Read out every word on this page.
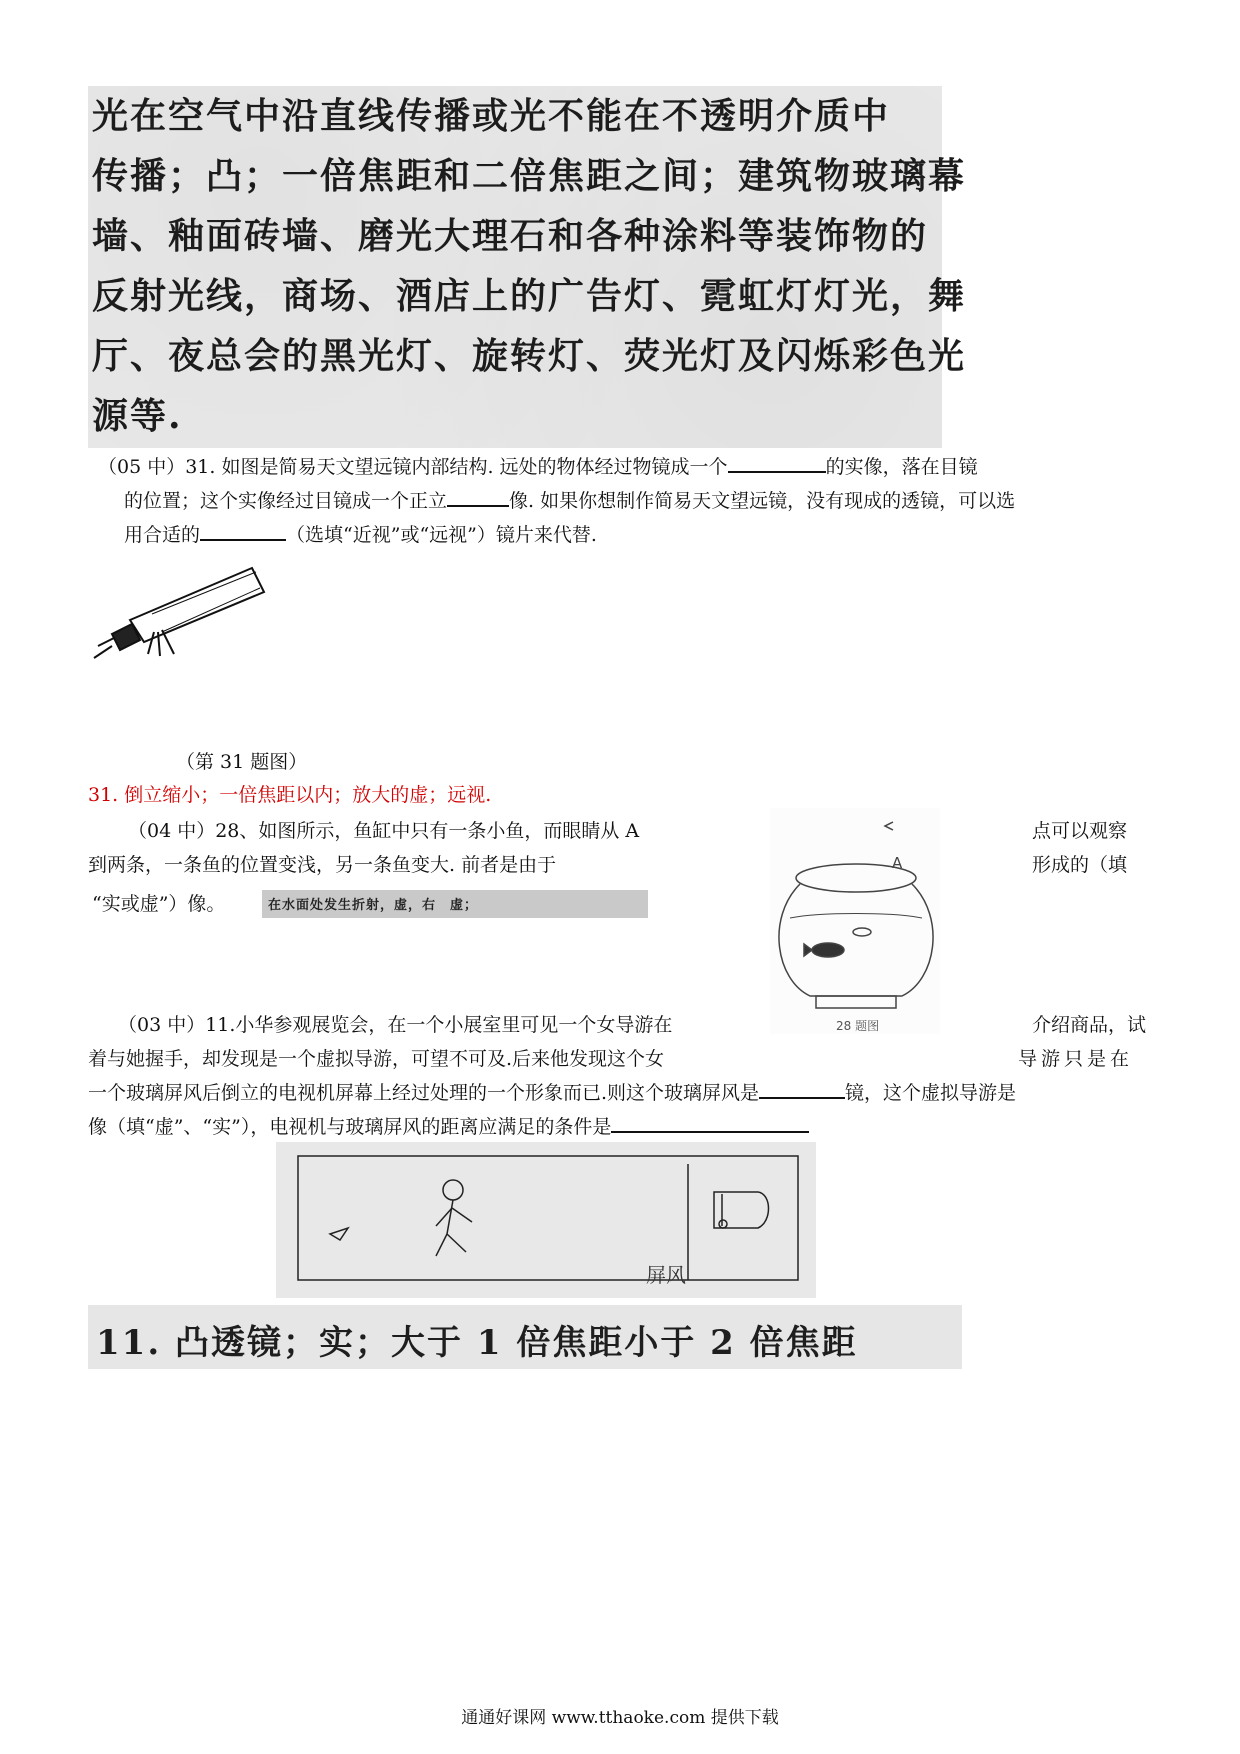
光在空气中沿直线传播或光不能在不透明介质中
传播；凸；一倍焦距和二倍焦距之间；建筑物玻璃幕
墙、釉面砖墙、磨光大理石和各种涂料等装饰物的
反射光线，商场、酒店上的广告灯、霓虹灯灯光，舞
厅、夜总会的黑光灯、旋转灯、荧光灯及闪烁彩色光
源等.
（05 中）31. 如图是简易天文望远镜内部结构. 远处的物体经过物镜成一个	的实像，落在目镜
的位置；这个实像经过目镜成一个正立	像. 如果你想制作简易天文望远镜，没有现成的透镜，可以选
用合适的	（选填“近视”或“远视”）镜片来代替.
（第 31 题图）
31. 倒立缩小；一倍焦距以内；放大的虚；远视.
（04 中）28、如图所示，鱼缸中只有一条小鱼，而眼睛从 A
到两条，一条鱼的位置变浅，另一条鱼变大. 前者是由于
点可以观察
形成的（填
“实或虚”）像。	在水面处发生折射，虚，右　虚；
A
28 题图
（03 中）11.小华参观展览会，在一个小展室里可见一个女导游在
着与她握手，却发现是一个虚拟导游，可望不可及.后来他发现这个女
介绍商品，试
导游只是在
一个玻璃屏风后倒立的电视机屏幕上经过处理的一个形象而已.则这个玻璃屏风是	镜，这个虚拟导游是
像（填“虚”、“实”），电视机与玻璃屏风的距离应满足的条件是
屏风
11. 凸透镜；实；大于 1 倍焦距小于 2 倍焦距
通通好课网 www.tthaoke.com 提供下载
